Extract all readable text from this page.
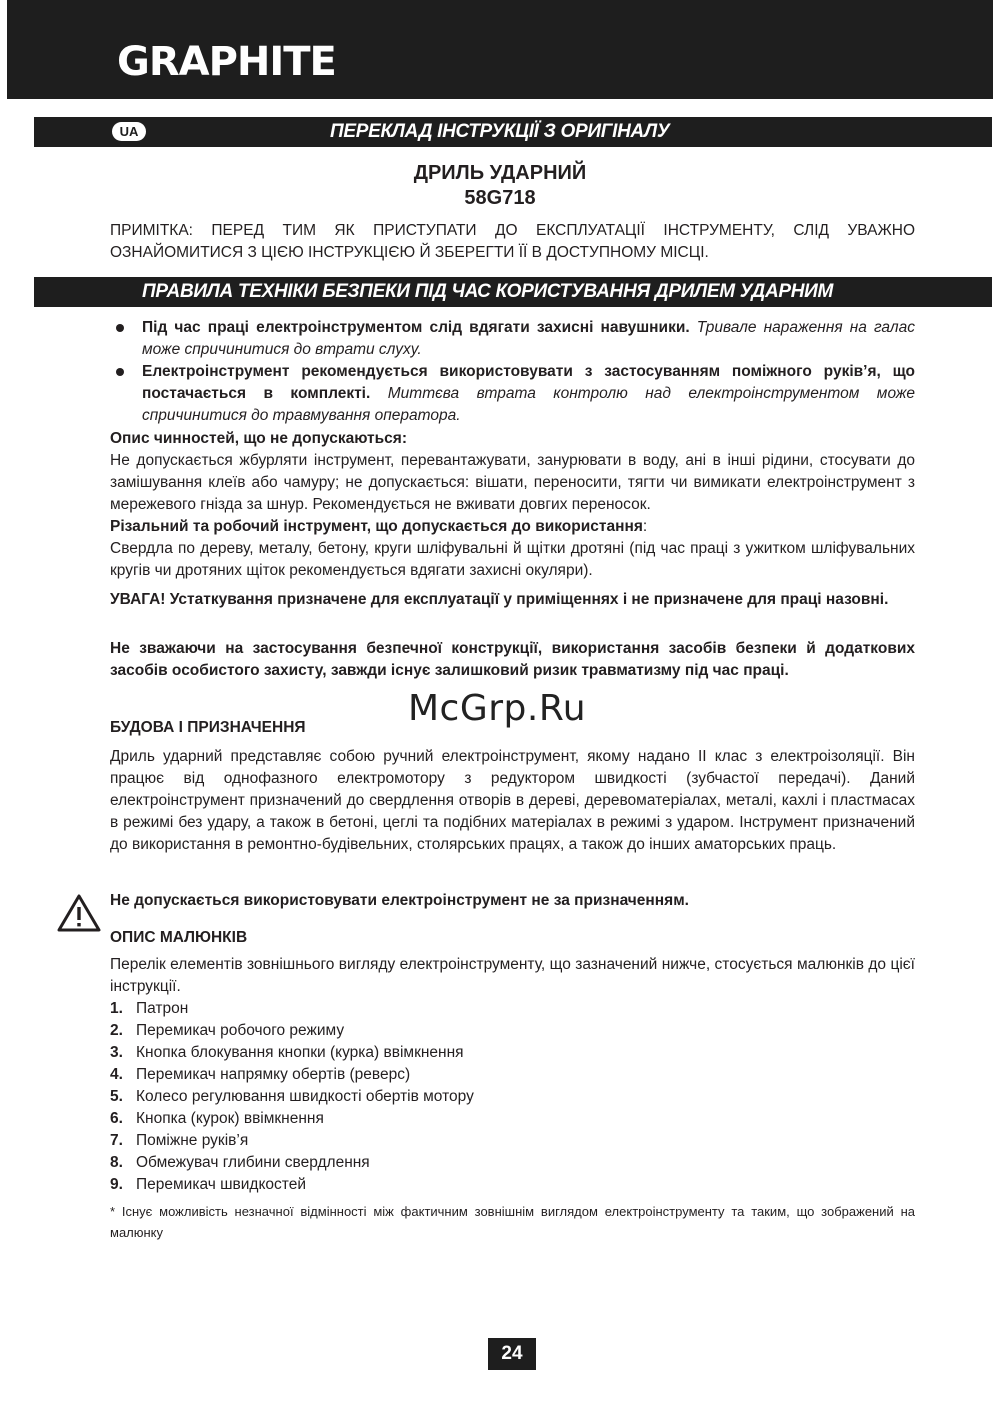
GRAPHITE
UA	ПЕРЕКЛАД ІНСТРУКЦІЇ З ОРИГІНАЛУ
ДРИЛЬ УДАРНИЙ
58G718
ПРИМІТКА: ПЕРЕД ТИМ ЯК ПРИСТУПАТИ ДО ЕКСПЛУАТАЦІЇ ІНСТРУМЕНТУ, СЛІД УВАЖНО ОЗНАЙОМИТИСЯ З ЦІЄЮ ІНСТРУКЦІЄЮ Й ЗБЕРЕГТИ ЇЇ В ДОСТУПНОМУ МІСЦІ.
ПРАВИЛА ТЕХНІКИ БЕЗПЕКИ ПІД ЧАС КОРИСТУВАННЯ ДРИЛЕМ УДАРНИМ
Під час праці електроінструментом слід вдягати захисні навушники. Тривале нараження на галас може спричинитися до втрати слуху.
Електроінструмент рекомендується використовувати з застосуванням поміжного руків’я, що постачається в комплекті. Миттєва втрата контролю над електроінструментом може спричинитися до травмування оператора.
Опис чинностей, що не допускаються:
Не допускається жбурляти інструмент, перевантажувати, занурювати в воду, ані в інші рідини, стосувати до замішування клеїв або чамуру; не допускається: вішати, переносити, тягти чи вимикати електроінструмент з мережевого гнізда за шнур. Рекомендується не вживати довгих переносок.
Різальний та робочий інструмент, що допускається до використання:
Свердла по дереву, металу, бетону, круги шліфувальні й щітки дротяні (під час праці з ужитком шліфувальних кругів чи дротяних щіток рекомендується вдягати захисні окуляри).
УВАГА! Устаткування призначене для експлуатації у приміщеннях і не призначене для праці назовні.
Не зважаючи на застосування безпечної конструкції, використання засобів безпеки й додаткових засобів особистого захисту, завжди існує залишковий ризик травматизму під час праці.
McGrp.Ru
БУДОВА І ПРИЗНАЧЕННЯ
Дриль ударний представляє собою ручний електроінструмент, якому надано II клас з електроізоляції. Він працює від однофазного електромотору з редуктором швидкості (зубчастої передачі). Даний електроінструмент призначений до свердлення отворів в дереві, деревоматеріалах, металі, кахлі і пластмасах в режимі без удару, а також в бетоні, цеглі та подібних матеріалах в режимі з ударом. Інструмент призначений до використання в ремонтно-будівельних, столярських працях, а також до інших аматорських праць.
Не допускається використовувати електроінструмент не за призначенням.
ОПИС МАЛЮНКІВ
Перелік елементів зовнішнього вигляду електроінструменту, що зазначений нижче, стосується малюнків до цієї інструкції.
1. Патрон
2. Перемикач робочого режиму
3. Кнопка блокування кнопки (курка) ввімкнення
4. Перемикач напрямку обертів (реверс)
5. Колесо регулювання швидкості обертів мотору
6. Кнопка (курок) ввімкнення
7. Поміжне руків’я
8. Обмежувач глибини свердлення
9. Перемикач швидкостей
* Існує можливість незначної відмінності між фактичним зовнішнім виглядом електроінструменту та таким, що зображений на малюнку
24
